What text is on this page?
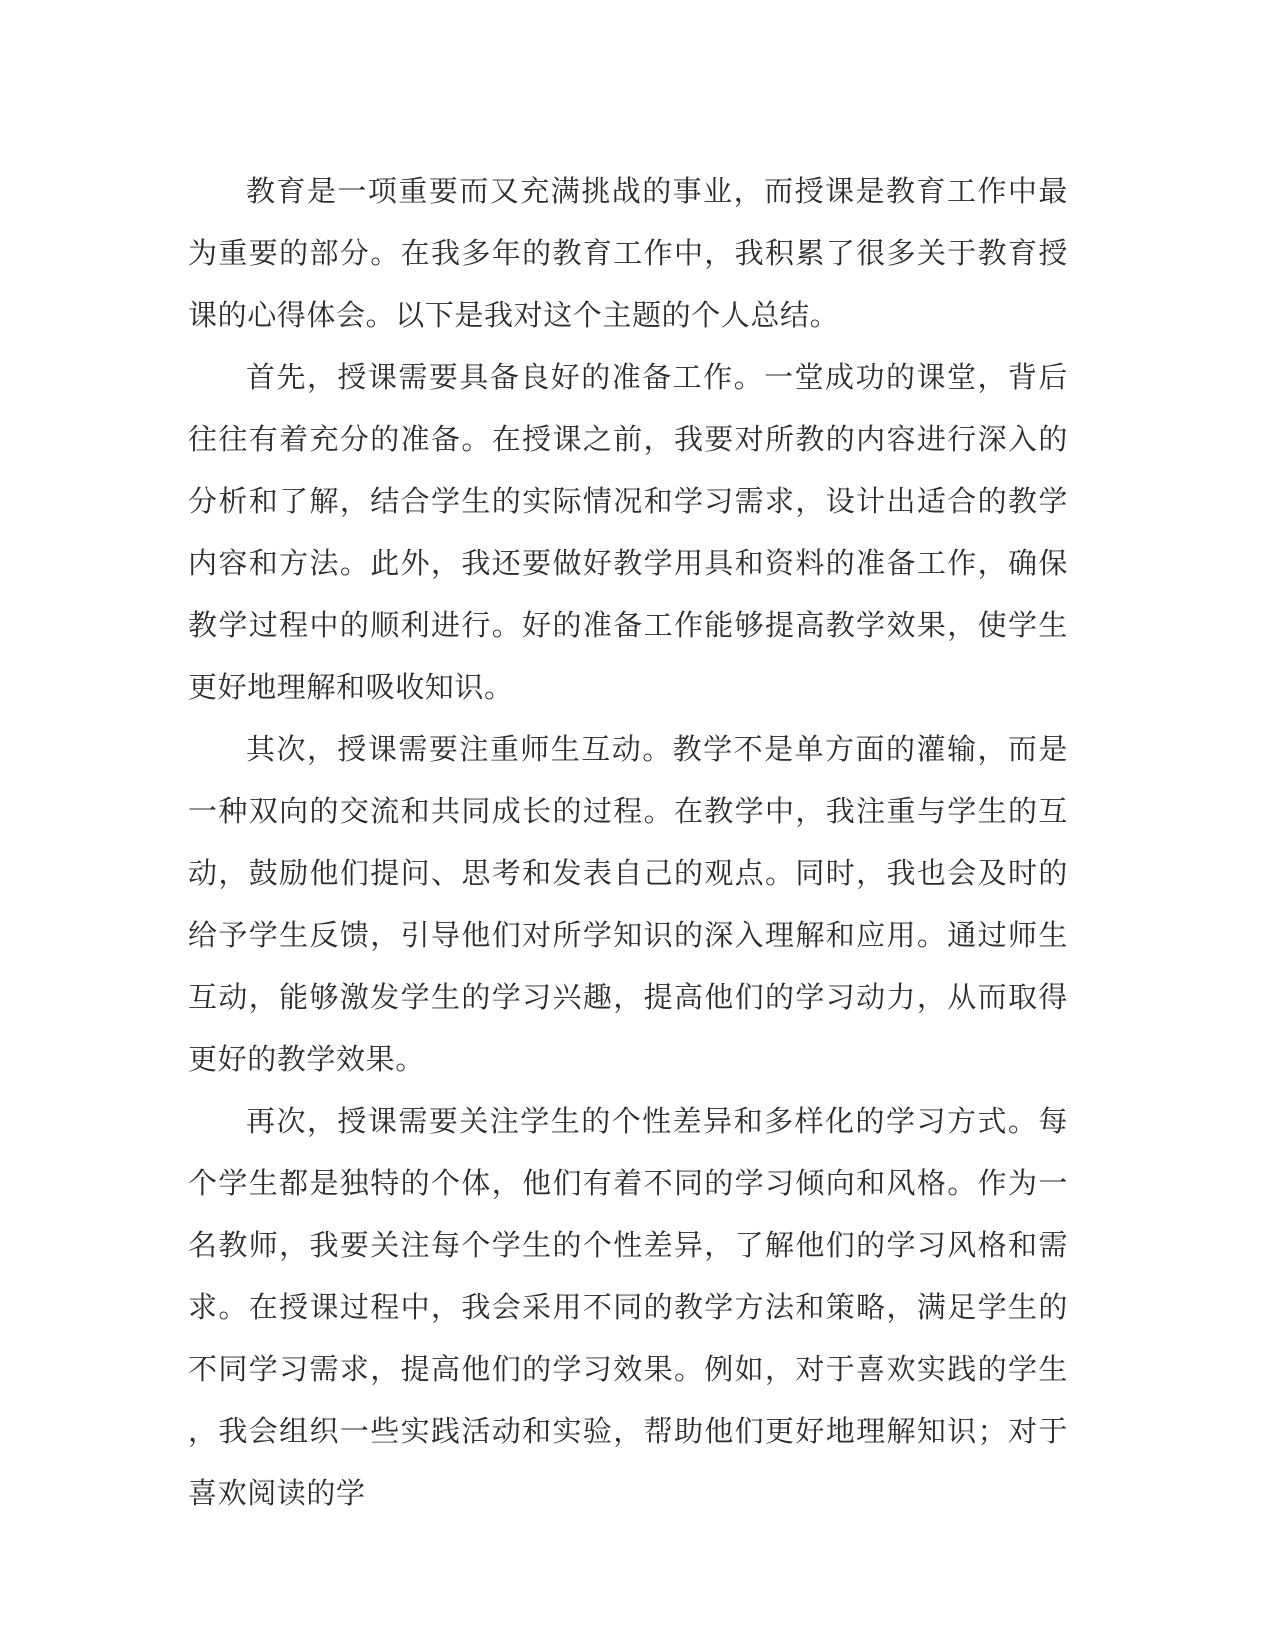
教育是一项重要而又充满挑战的事业，而授课是教育工作中最为重要的部分。在我多年的教育工作中，我积累了很多关于教育授课的心得体会。以下是我对这个主题的个人总结。

首先，授课需要具备良好的准备工作。一堂成功的课堂，背后往往有着充分的准备。在授课之前，我要对所教的内容进行深入的分析和了解，结合学生的实际情况和学习需求，设计出适合的教学内容和方法。此外，我还要做好教学用具和资料的准备工作，确保教学过程中的顺利进行。好的准备工作能够提高教学效果，使学生更好地理解和吸收知识。

其次，授课需要注重师生互动。教学不是单方面的灌输，而是一种双向的交流和共同成长的过程。在教学中，我注重与学生的互动，鼓励他们提问、思考和发表自己的观点。同时，我也会及时的给予学生反馈，引导他们对所学知识的深入理解和应用。通过师生互动，能够激发学生的学习兴趣，提高他们的学习动力，从而取得更好的教学效果。

再次，授课需要关注学生的个性差异和多样化的学习方式。每个学生都是独特的个体，他们有着不同的学习倾向和风格。作为一名教师，我要关注每个学生的个性差异，了解他们的学习风格和需求。在授课过程中，我会采用不同的教学方法和策略，满足学生的不同学习需求，提高他们的学习效果。例如，对于喜欢实践的学生，我会组织一些实践活动和实验，帮助他们更好地理解知识；对于喜欢阅读的学
